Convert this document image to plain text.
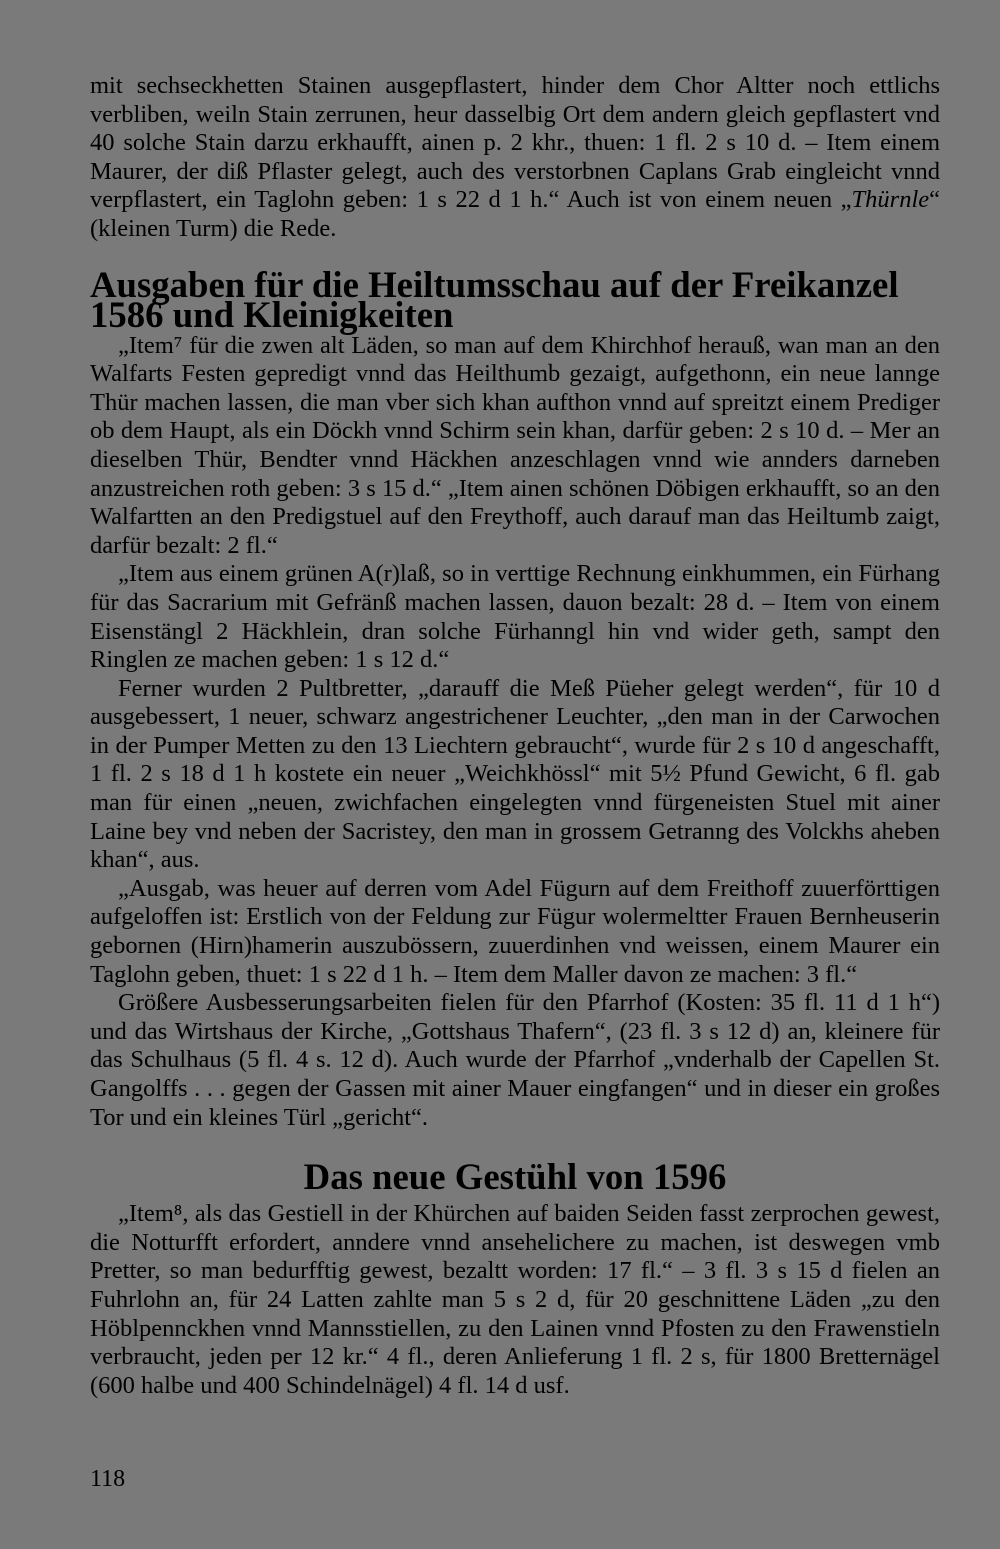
mit sechseckhetten Stainen ausgepflastert, hinder dem Chor Altter noch ettlichs verbliben, weiln Stain zerrunen, heur dasselbig Ort dem andern gleich gepflastert vnd 40 solche Stain darzu erkhaufft, ainen p. 2 khr., thuen: 1 fl. 2 s 10 d. – Item einem Maurer, der diß Pflaster gelegt, auch des verstorbnen Caplans Grab eingleicht vnnd verpflastert, ein Taglohn geben: 1 s 22 d 1 h.“ Auch ist von einem neuen „Thürnle“ (kleinen Turm) die Rede.

Ausgaben für die Heiltumsschau auf der Freikanzel 1586 und Kleinigkeiten

„Item⁷ für die zwen alt Läden, so man auf dem Khirchhof herauß, wan man an den Walfarts Festen gepredigt vnnd das Heilthumb gezaigt, aufgethonn, ein neue lannge Thür machen lassen, die man vber sich khan aufthon vnnd auf spreitzt einem Prediger ob dem Haupt, als ein Döckh vnnd Schirm sein khan, darfür geben: 2 s 10 d. – Mer an dieselben Thür, Bendter vnnd Häckhen anzeschlagen vnnd wie annders darneben anzustreichen roth geben: 3 s 15 d.“ „Item ainen schönen Döbigen erkhaufft, so an den Walfartten an den Predigstuel auf den Freythoff, auch darauf man das Heiltumb zaigt, darfür bezalt: 2 fl.“

„Item aus einem grünen A(r)laß, so in verttige Rechnung einkhummen, ein Fürhang für das Sacrarium mit Gefränß machen lassen, dauon bezalt: 28 d. – Item von einem Eisenstängl 2 Häckhlein, dran solche Fürhanngl hin vnd wider geth, sampt den Ringlen ze machen geben: 1 s 12 d.“

Ferner wurden 2 Pultbretter, „darauff die Meß Püeher gelegt werden“, für 10 d ausgebessert, 1 neuer, schwarz angestrichener Leuchter, „den man in der Carwochen in der Pumper Metten zu den 13 Liechtern gebraucht“, wurde für 2 s 10 d angeschafft, 1 fl. 2 s 18 d 1 h kostete ein neuer „Weichkhössl“ mit 5½ Pfund Gewicht, 6 fl. gab man für einen „neuen, zwichfachen eingelegten vnnd fürgeneisten Stuel mit ainer Laine bey vnd neben der Sacristey, den man in grossem Getranng des Volckhs aheben khan“, aus.

„Ausgab, was heuer auf derren vom Adel Fügurn auf dem Freithoff zuuerförttigen aufgeloffen ist: Erstlich von der Feldung zur Fügur wolermeltter Frauen Bernheuserin gebornen (Hirn)hamerin auszubössern, zuuerdinhen vnd weissen, einem Maurer ein Taglohn geben, thuet: 1 s 22 d 1 h. – Item dem Maller davon ze machen: 3 fl.“

Größere Ausbesserungsarbeiten fielen für den Pfarrhof (Kosten: 35 fl. 11 d 1 h“) und das Wirtshaus der Kirche, „Gottshaus Thafern“, (23 fl. 3 s 12 d) an, kleinere für das Schulhaus (5 fl. 4 s. 12 d). Auch wurde der Pfarrhof „vnderhalb der Capellen St. Gangolffs . . . gegen der Gassen mit ainer Mauer eingfangen“ und in dieser ein großes Tor und ein kleines Türl „gericht“.

Das neue Gestühl von 1596

„Item⁸, als das Gestiell in der Khürchen auf baiden Seiden fasst zerprochen gewest, die Notturfft erfordert, anndere vnnd ansehelichere zu machen, ist deswegen vmb Pretter, so man bedurfftig gewest, bezaltt worden: 17 fl.“ – 3 fl. 3 s 15 d fielen an Fuhrlohn an, für 24 Latten zahlte man 5 s 2 d, für 20 geschnittene Läden „zu den Höblpennckhen vnnd Mannsstiellen, zu den Lainen vnnd Pfosten zu den Frawenstieln verbraucht, jeden per 12 kr.“ 4 fl., deren Anlieferung 1 fl. 2 s, für 1800 Bretternägel (600 halbe und 400 Schindelnägel) 4 fl. 14 d usf.

118
